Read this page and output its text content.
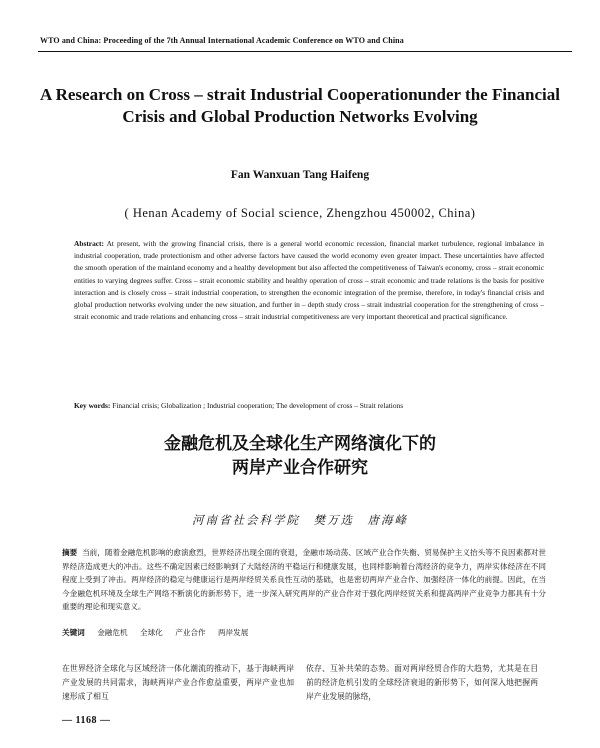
WTO and China: Proceeding of the 7th Annual International Academic Conference on WTO and China
A Research on Cross – strait Industrial Cooperationunder the Financial Crisis and Global Production Networks Evolving
Fan Wanxuan Tang Haifeng
( Henan Academy of Social science, Zhengzhou 450002, China)
Abstract: At present, with the growing financial crisis, there is a general world economic recession, financial market turbulence, regional imbalance in industrial cooperation, trade protectionism and other adverse factors have caused the world economy even greater impact. These uncertainties have affected the smooth operation of the mainland economy and a healthy development but also affected the competitiveness of Taiwan's economy, cross – strait economic entities to varying degrees suffer. Cross – strait economic stability and healthy operation of cross – strait economic and trade relations is the basis for positive interaction and is closely cross – strait industrial cooperation, to strengthen the economic integration of the premise, therefore, in today's financial crisis and global production networks evolving under the new situation, and further in – depth study cross – strait industrial cooperation for the strengthening of cross – strait economic and trade relations and enhancing cross – strait industrial competitiveness are very important theoretical and practical significance.
Key words: Financial crisis; Globalization ; Industrial cooperation; The development of cross – Strait relations
金融危机及全球化生产网络演化下的
两岸产业合作研究
河南省社会科学院　樊万选　唐海峰
摘要 当前，随着金融危机影响的愈演愈烈，世界经济出现全面的衰退，金融市场动荡、区域产业合作失衡、贸易保护主义抬头等不良因素都对世界经济造成更大的冲击。这些不确定因素已经影响到了大陆经济的平稳运行和健康发展，也同样影响着台湾经济的竞争力，两岸实体经济在不同程度上受到了冲击。两岸经济的稳定与健康运行是两岸经贸关系良性互动的基础，也是密切两岸产业合作、加强经济一体化的前提。因此，在当今金融危机环境及全球生产网络不断演化的新形势下，进一步深入研究两岸的产业合作对于强化两岸经贸关系和提高两岸产业竞争力都具有十分重要的理论和现实意义。
关键词 金融危机 全球化 产业合作 两岸发展
在世界经济全球化与区域经济一体化潮流的推动下，基于海峡两岸产业发展的共同需求，海峡两岸产业合作愈益重要，两岸产业也加速形成了相互
依存、互补共荣的态势。面对两岸经贸合作的大趋势，尤其是在目前的经济危机引发的全球经济衰退的新形势下，如何深入地把握两岸产业发展的脉络，
— 1168 —
